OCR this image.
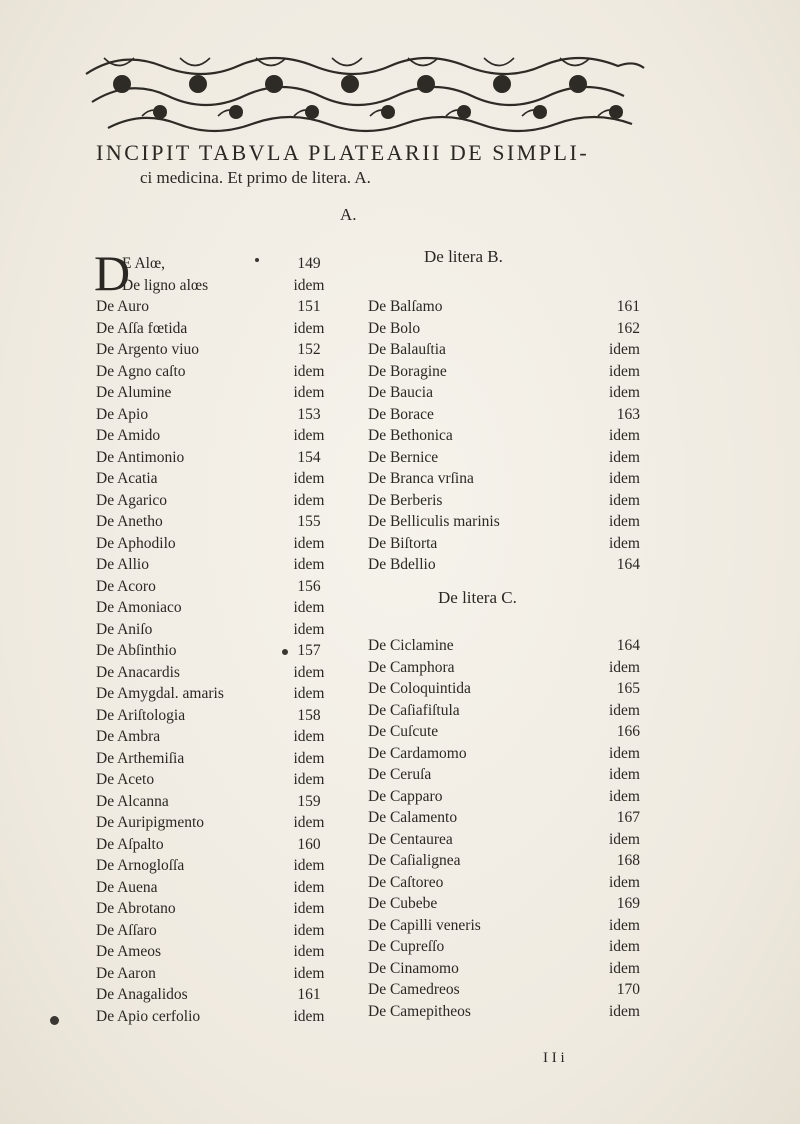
INCIPIT TABVLA PLATEARII DE SIMPLI-
ci medicina. Et primo de litera. A.
A.
De litera B.
De litera C.
D
E Alœ,
De ligno alœs
De Auro
De Aſſa fœtida
De Argento viuo
De Agno caſto
De Alumine
De Apio
De Amido
De Antimonio
De Acatia
De Agarico
De Anetho
De Aphodilo
De Allio
De Acoro
De Amoniaco
De Aniſo
De Abſinthio
De Anacardis
De Amygdal. amaris
De Ariſtologia
De Ambra
De Arthemiſia
De Aceto
De Alcanna
De Auripigmento
De Aſpalto
De Arnogloſſa
De Auena
De Abrotano
De Aſſaro
De Ameos
De Aaron
De Anagalidos
De Apio cerfolio
149
idem
151
idem
152
idem
idem
153
idem
154
idem
idem
155
idem
idem
156
idem
idem
157
idem
idem
158
idem
idem
idem
159
idem
160
idem
idem
idem
idem
idem
idem
161
idem
De Balſamo
De Bolo
De Balauſtia
De Boragine
De Baucia
De Borace
De Bethonica
De Bernice
De Branca vrſina
De Berberis
De Belliculis marinis
De Biſtorta
De Bdellio
161
162
idem
idem
idem
163
idem
idem
idem
idem
idem
idem
164
De Ciclamine
De Camphora
De Coloquintida
De Caſiafiſtula
De Cuſcute
De Cardamomo
De Ceruſa
De Capparo
De Calamento
De Centaurea
De Caſialignea
De Caſtoreo
De Cubebe
De Capilli veneris
De Cupreſſo
De Cinamomo
De Camedreos
De Camepitheos
164
idem
165
idem
166
idem
idem
idem
167
idem
168
idem
169
idem
idem
idem
170
idem
I I i
